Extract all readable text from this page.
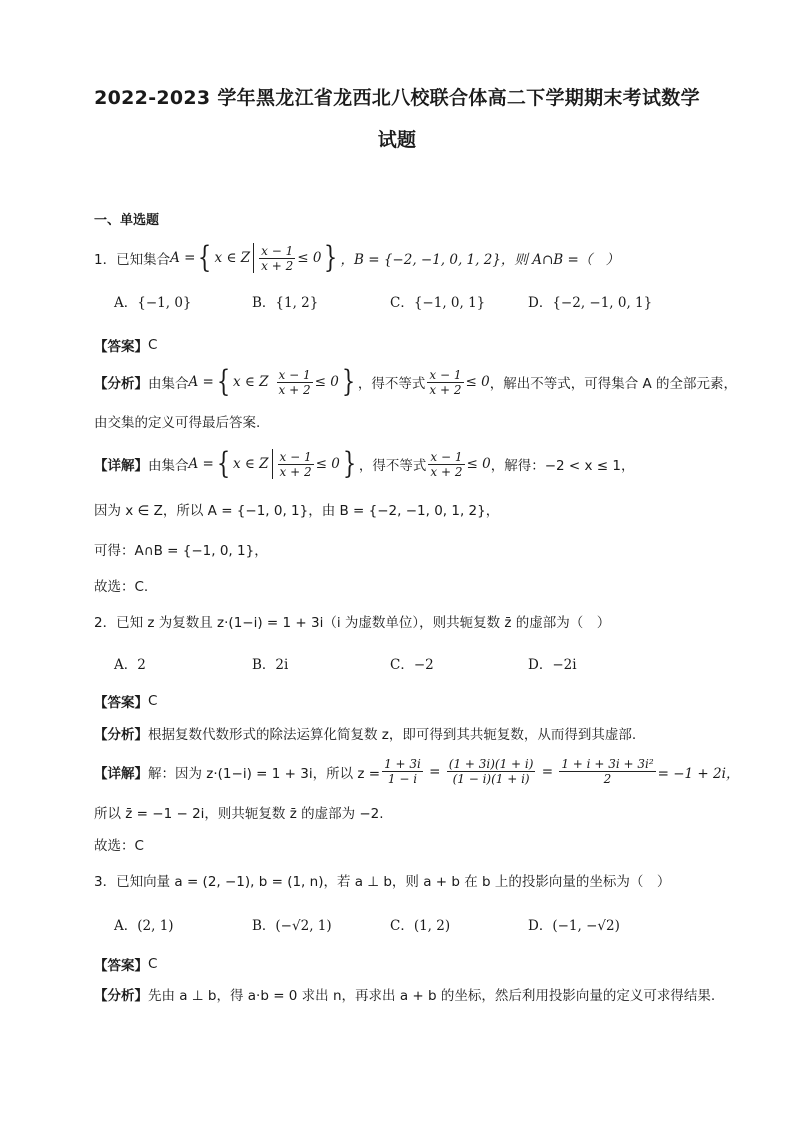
2022-2023 学年黑龙江省龙西北八校联合体高二下学期期末考试数学
试题
一、单选题
1．已知集合 A = { x ∈ Z $\frac{x - 1}{x + 2} \le 0$ } ，B = {−2, −1, 0, 1, 2}，则 A∩B =（　）
A．{−1, 0}	B．{1, 2}	C．{−1, 0, 1}	D．{−2, −1, 0, 1}
【答案】 C
【分析】 由集合 A = { x ∈ Z $\frac{x - 1}{x + 2} \le 0$ } ，得不等式 $\frac{x - 1}{x + 2} \le 0$ ，解出不等式，可得集合 A 的全部元素，
由交集的定义可得最后答案.
【详解】 由集合 A = { x ∈ Z $\frac{x - 1}{x + 2} \le 0$ } ，得不等式 $\frac{x - 1}{x + 2} \le 0$ ，解得：−2 < x ≤ 1，
因为 x ∈ Z，所以 A = {−1, 0, 1}，由 B = {−2, −1, 0, 1, 2}，
可得：A∩B = {−1, 0, 1}，
故选：C.
2．已知 z 为复数且 z·(1−i) = 1 + 3i（i 为虚数单位），则共轭复数 z̄ 的虚部为（　）
A．2	B．2i	C．−2	D．−2i
【答案】 C
【分析】 根据复数代数形式的除法运算化简复数 z，即可得到其共轭复数，从而得到其虚部.
【详解】 解：因为 z·(1−i) = 1 + 3i，所以 $z = \frac{1 + 3i}{1 - i} = \frac{(1 + 3i)(1 + i)}{(1 - i)(1 + i)} = \frac{\text{1 + i + 3i + 3i²}}{2} = -1 + 2i$，
所以 z̄ = −1 − 2i，则共轭复数 z̄ 的虚部为 −2.
故选：C
3．已知向量 a = (2, −1), b = (1, n)，若 a ⊥ b，则 a + b 在 b 上的投影向量的坐标为（　）
A．(2, 1)	B．(−√2, 1)	C．(1, 2)	D．(−1, −√2)
【答案】 C
【分析】 先由 a ⊥ b，得 a·b = 0 求出 n，再求出 a + b 的坐标，然后利用投影向量的定义可求得结果.
